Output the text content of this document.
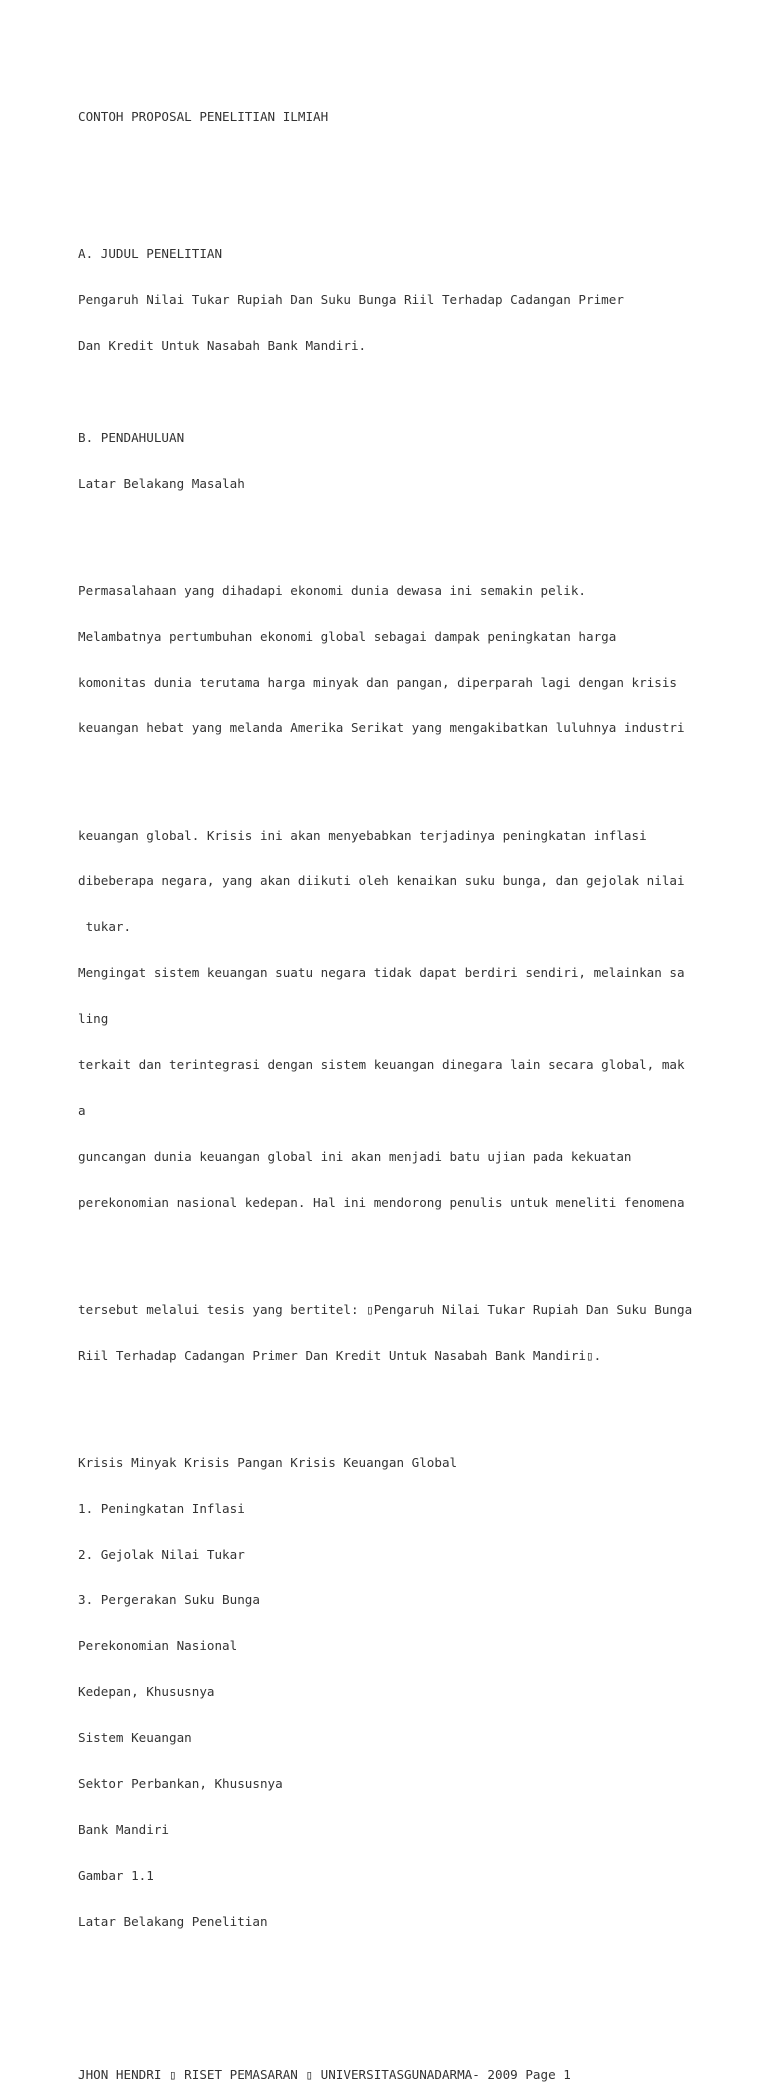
CONTOH PROPOSAL PENELITIAN ILMIAH

A. JUDUL PENELITIAN

Pengaruh Nilai Tukar Rupiah Dan Suku Bunga Riil Terhadap Cadangan Primer

Dan Kredit Untuk Nasabah Bank Mandiri.

B. PENDAHULUAN

Latar Belakang Masalah

Permasalahaan yang dihadapi ekonomi dunia dewasa ini semakin pelik.

Melambatnya pertumbuhan ekonomi global sebagai dampak peningkatan harga

komonitas dunia terutama harga minyak dan pangan, diperparah lagi dengan krisis

keuangan hebat yang melanda Amerika Serikat yang mengakibatkan luluhnya industri

keuangan global. Krisis ini akan menyebabkan terjadinya peningkatan inflasi

dibeberapa negara, yang akan diikuti oleh kenaikan suku bunga, dan gejolak nilai

tukar.

Mengingat sistem keuangan suatu negara tidak dapat berdiri sendiri, melainkan sa

ling

terkait dan terintegrasi dengan sistem keuangan dinegara lain secara global, mak

a

guncangan dunia keuangan global ini akan menjadi batu ujian pada kekuatan

perekonomian nasional kedepan. Hal ini mendorong penulis untuk meneliti fenomena

tersebut melalui tesis yang bertitel: ▯Pengaruh Nilai Tukar Rupiah Dan Suku Bunga

Riil Terhadap Cadangan Primer Dan Kredit Untuk Nasabah Bank Mandiri▯.

Krisis Minyak Krisis Pangan Krisis Keuangan Global

1. Peningkatan Inflasi

2. Gejolak Nilai Tukar

3. Pergerakan Suku Bunga

Perekonomian Nasional

Kedepan, Khususnya

Sistem Keuangan

Sektor Perbankan, Khususnya

Bank Mandiri

Gambar 1.1

Latar Belakang Penelitian

JHON HENDRI ▯ RISET PEMASARAN ▯ UNIVERSITASGUNADARMA- 2009 Page 1
